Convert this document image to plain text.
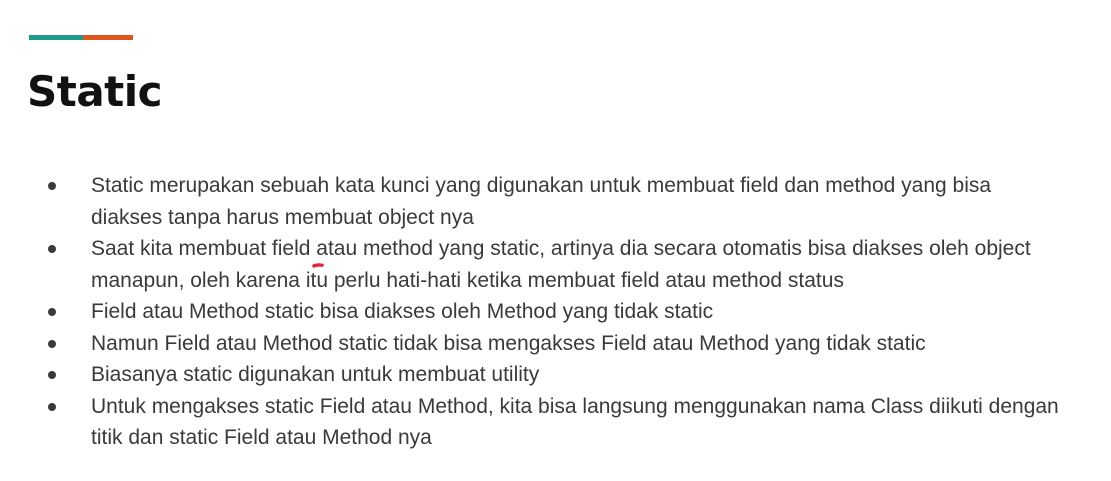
Static
Static merupakan sebuah kata kunci yang digunakan untuk membuat field dan method yang bisa diakses tanpa harus membuat object nya
Saat kita membuat field atau method yang static, artinya dia secara otomatis bisa diakses oleh object manapun, oleh karena itu perlu hati-hati ketika membuat field atau method status
Field atau Method static bisa diakses oleh Method yang tidak static
Namun Field atau Method static tidak bisa mengakses Field atau Method yang tidak static
Biasanya static digunakan untuk membuat utility
Untuk mengakses static Field atau Method, kita bisa langsung menggunakan nama Class diikuti dengan titik dan static Field atau Method nya
